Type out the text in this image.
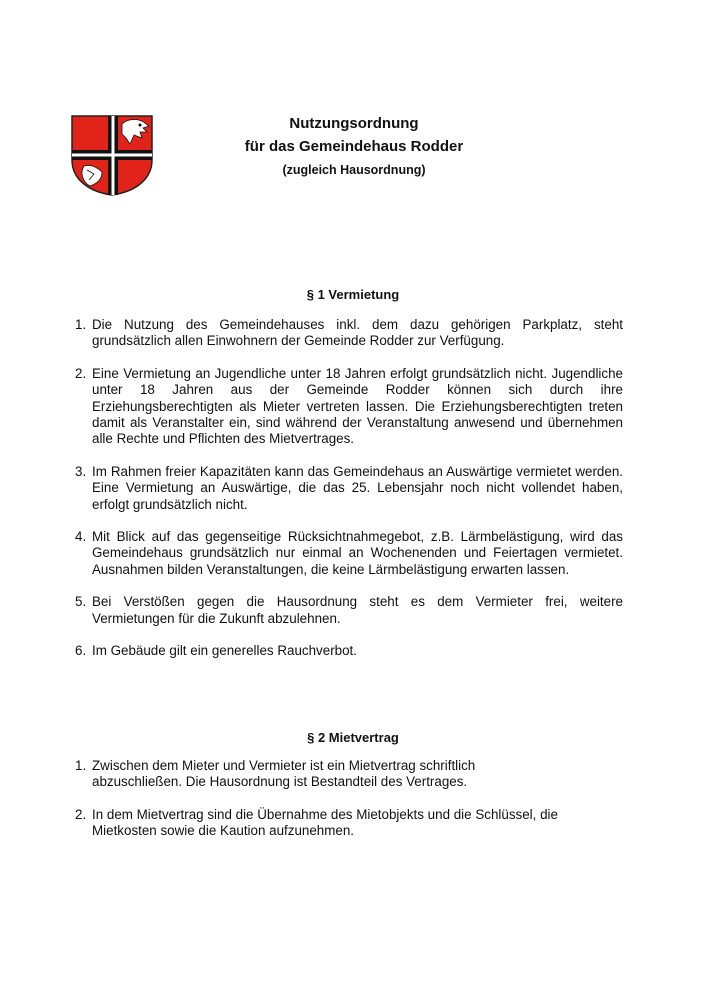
Nutzungsordnung
für das Gemeindehaus Rodder
(zugleich Hausordnung)
§ 1 Vermietung
1. Die Nutzung des Gemeindehauses inkl. dem dazu gehörigen Parkplatz, steht grundsätzlich allen Einwohnern der Gemeinde Rodder zur Verfügung.
2. Eine Vermietung an Jugendliche unter 18 Jahren erfolgt grundsätzlich nicht. Jugendliche unter 18 Jahren aus der Gemeinde Rodder können sich durch ihre Erziehungsberechtigten als Mieter vertreten lassen. Die Erziehungsberechtigten treten damit als Veranstalter ein, sind während der Veranstaltung anwesend und übernehmen alle Rechte und Pflichten des Mietvertrages.
3. Im Rahmen freier Kapazitäten kann das Gemeindehaus an Auswärtige vermietet werden. Eine Vermietung an Auswärtige, die das 25. Lebensjahr noch nicht vollendet haben, erfolgt grundsätzlich nicht.
4. Mit Blick auf das gegenseitige Rücksichtnahmegebot, z.B. Lärmbelästigung, wird das Gemeindehaus grundsätzlich nur einmal an Wochenenden und Feiertagen vermietet. Ausnahmen bilden Veranstaltungen, die keine Lärmbelästigung erwarten lassen.
5. Bei Verstößen gegen die Hausordnung steht es dem Vermieter frei, weitere Vermietungen für die Zukunft abzulehnen.
6. Im Gebäude gilt ein generelles Rauchverbot.
§ 2 Mietvertrag
1. Zwischen dem Mieter und Vermieter ist ein Mietvertrag schriftlich abzuschließen. Die Hausordnung ist Bestandteil des Vertrages.
2. In dem Mietvertrag sind die Übernahme des Mietobjekts und die Schlüssel, die Mietkosten sowie die Kaution aufzunehmen.
